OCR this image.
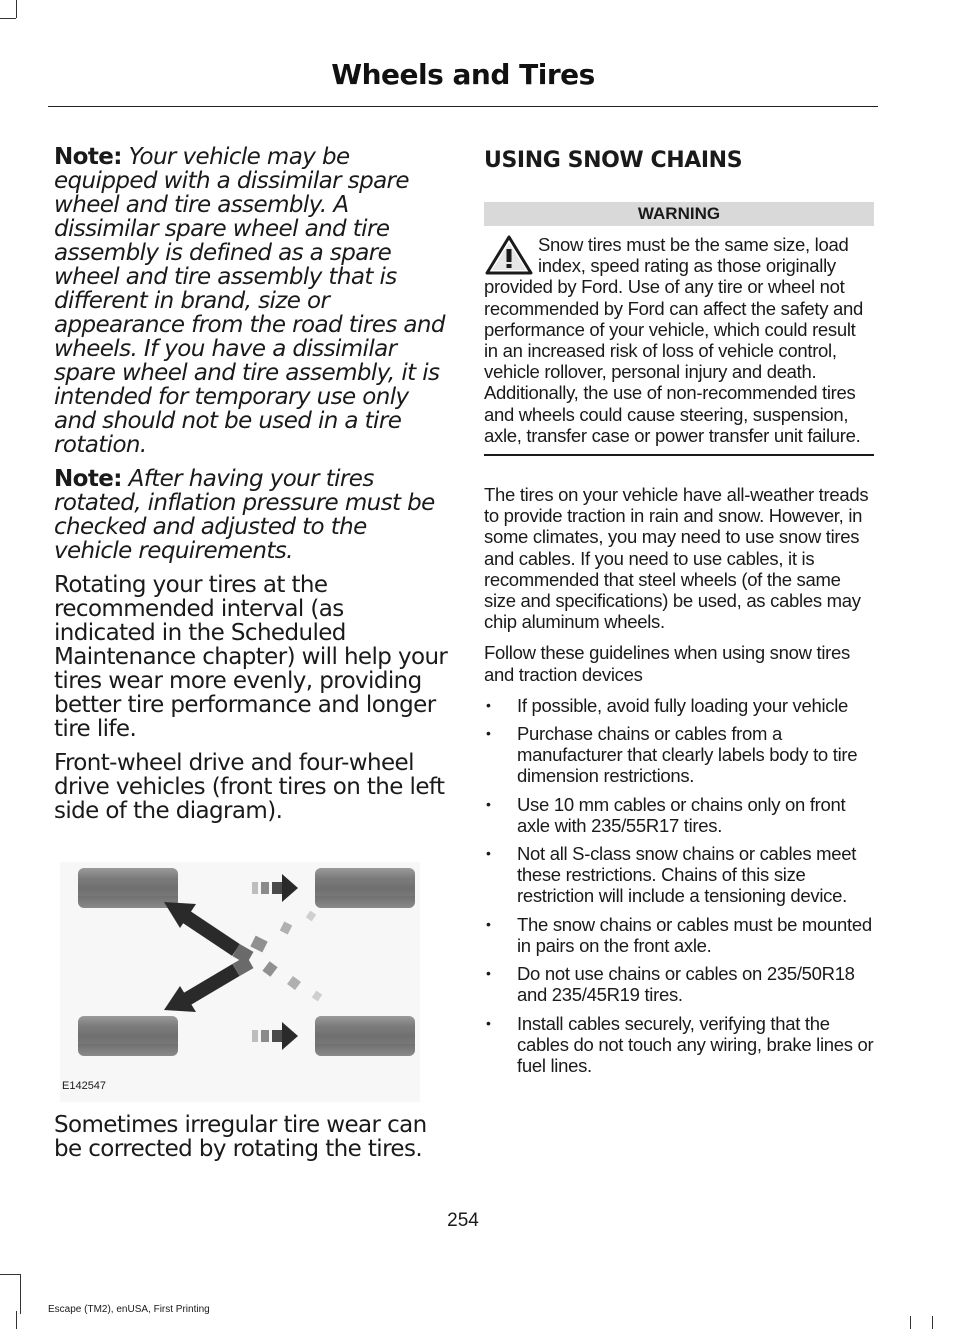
Wheels and Tires

Note: Your vehicle may be equipped with a dissimilar spare wheel and tire assembly. A dissimilar spare wheel and tire assembly is defined as a spare wheel and tire assembly that is different in brand, size or appearance from the road tires and wheels. If you have a dissimilar spare wheel and tire assembly, it is intended for temporary use only and should not be used in a tire rotation.

Note: After having your tires rotated, inflation pressure must be checked and adjusted to the vehicle requirements.

Rotating your tires at the recommended interval (as indicated in the Scheduled Maintenance chapter) will help your tires wear more evenly, providing better tire performance and longer tire life.

Front-wheel drive and four-wheel drive vehicles (front tires on the left side of the diagram).

E142547

Sometimes irregular tire wear can be corrected by rotating the tires.

USING SNOW CHAINS
WARNING
Snow tires must be the same size, load index, speed rating as those originally provided by Ford. Use of any tire or wheel not recommended by Ford can affect the safety and performance of your vehicle, which could result in an increased risk of loss of vehicle control, vehicle rollover, personal injury and death. Additionally, the use of non-recommended tires and wheels could cause steering, suspension, axle, transfer case or power transfer unit failure.

The tires on your vehicle have all-weather treads to provide traction in rain and snow. However, in some climates, you may need to use snow tires and cables. If you need to use cables, it is recommended that steel wheels (of the same size and specifications) be used, as cables may chip aluminum wheels.

Follow these guidelines when using snow tires and traction devices

• If possible, avoid fully loading your vehicle
• Purchase chains or cables from a manufacturer that clearly labels body to tire dimension restrictions.
• Use 10 mm cables or chains only on front axle with 235/55R17 tires.
• Not all S-class snow chains or cables meet these restrictions. Chains of this size restriction will include a tensioning device.
• The snow chains or cables must be mounted in pairs on the front axle.
• Do not use chains or cables on 235/50R18 and 235/45R19 tires.
• Install cables securely, verifying that the cables do not touch any wiring, brake lines or fuel lines.
254
Escape (TM2), enUSA, First Printing
